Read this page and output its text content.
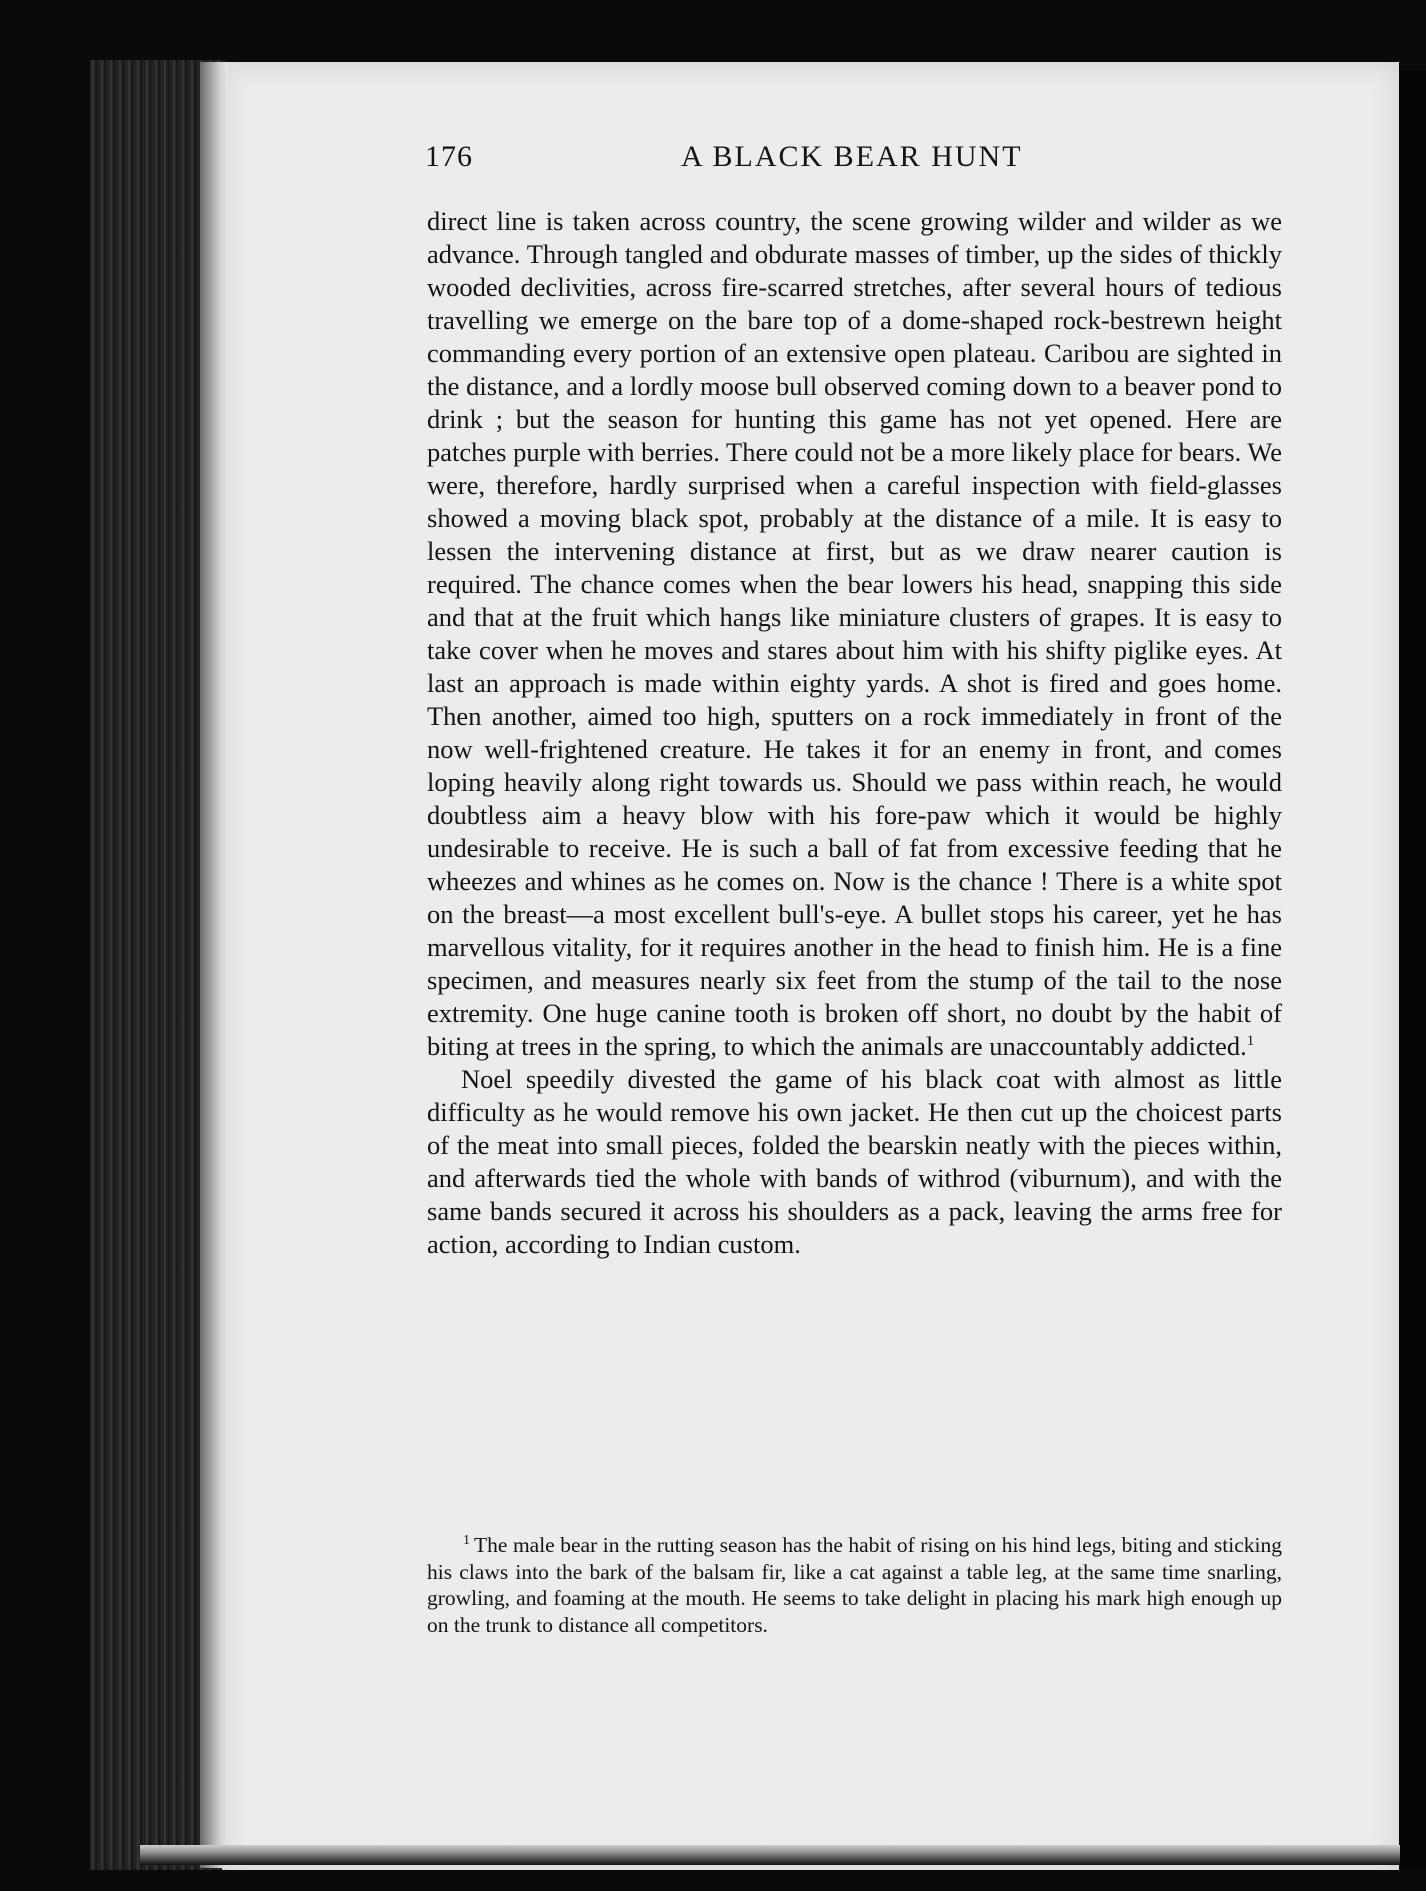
176	A BLACK BEAR HUNT

direct line is taken across country, the scene growing wilder and wilder as we advance. Through tangled and obdurate masses of timber, up the sides of thickly wooded declivities, across fire-scarred stretches, after several hours of tedious travelling we emerge on the bare top of a dome-shaped rock-bestrewn height commanding every portion of an extensive open plateau. Caribou are sighted in the distance, and a lordly moose bull observed coming down to a beaver pond to drink ; but the season for hunting this game has not yet opened. Here are patches purple with berries. There could not be a more likely place for bears. We were, therefore, hardly surprised when a careful inspection with field-glasses showed a moving black spot, probably at the distance of a mile. It is easy to lessen the intervening distance at first, but as we draw nearer caution is required. The chance comes when the bear lowers his head, snapping this side and that at the fruit which hangs like miniature clusters of grapes. It is easy to take cover when he moves and stares about him with his shifty piglike eyes. At last an approach is made within eighty yards. A shot is fired and goes home. Then another, aimed too high, sputters on a rock immediately in front of the now well-frightened creature. He takes it for an enemy in front, and comes loping heavily along right towards us. Should we pass within reach, he would doubtless aim a heavy blow with his fore-paw which it would be highly undesirable to receive. He is such a ball of fat from excessive feeding that he wheezes and whines as he comes on. Now is the chance ! There is a white spot on the breast—a most excellent bull's-eye. A bullet stops his career, yet he has marvellous vitality, for it requires another in the head to finish him. He is a fine specimen, and measures nearly six feet from the stump of the tail to the nose extremity. One huge canine tooth is broken off short, no doubt by the habit of biting at trees in the spring, to which the animals are unaccountably addicted.$^1$

Noel speedily divested the game of his black coat with almost as little difficulty as he would remove his own jacket. He then cut up the choicest parts of the meat into small pieces, folded the bearskin neatly with the pieces within, and afterwards tied the whole with bands of withrod (viburnum), and with the same bands secured it across his shoulders as a pack, leaving the arms free for action, according to Indian custom.

$^1$ The male bear in the rutting season has the habit of rising on his hind legs, biting and sticking his claws into the bark of the balsam fir, like a cat against a table leg, at the same time snarling, growling, and foaming at the mouth. He seems to take delight in placing his mark high enough up on the trunk to distance all competitors.
